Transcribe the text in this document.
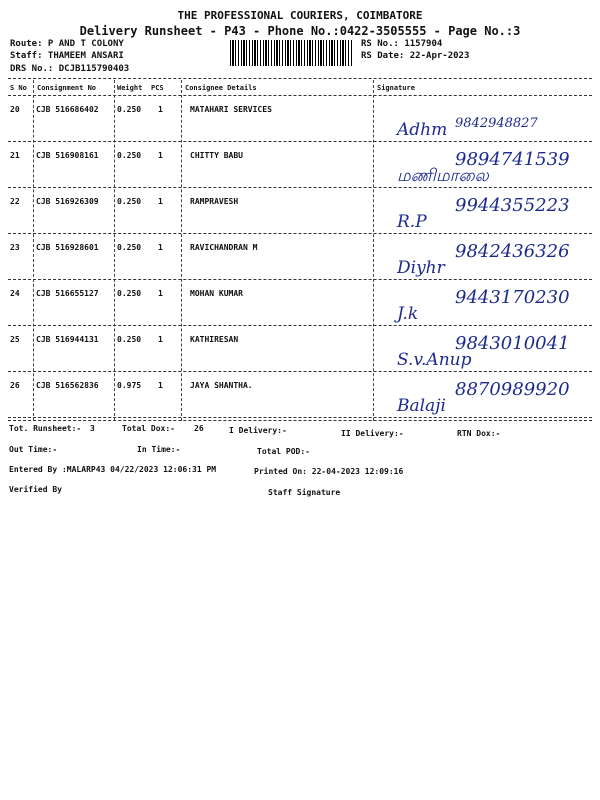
THE PROFESSIONAL COURIERS, COIMBATORE
Delivery Runsheet - P43 - Phone No.:0422-3505555 - Page No.:3
Route: P AND T COLONY
Staff: THAMEEM ANSARI
DRS No.: DCJB115790403
RS No.: 1157904
RS Date: 22-Apr-2023
S No Consignment No	Weight PCS	Consignee Details	Signature
20 CJB 516686402 0.250 1	MATAHARI SERVICES
Adhm 9842948827
21 CJB 516908161 0.250 1	CHITTY BABU
மணிமாலை
9894741539
22 CJB 516926309 0.250 1	RAMPRAVESH
R.P
9944355223
23 CJB 516928601 0.250 1	RAVICHANDRAN M
Diyhr
9842436326
24 CJB 516655127 0.250 1	MOHAN KUMAR
J.k
9443170230
25 CJB 516944131 0.250 1	KATHIRESAN
S.v.Anup
9843010041
26 CJB 516562836 0.975 1	JAYA SHANTHA.
Balaji
8870989920
Tot. Runsheet:- 3	Total Dox:- 26	I Delivery:-	II Delivery:-	RTN Dox:-
Out Time:-	In Time:-	Total POD:-
Entered By :MALARP43 04/22/2023 12:06:31 PM	Printed On: 22-04-2023 12:09:16
Verified By	Staff Signature
